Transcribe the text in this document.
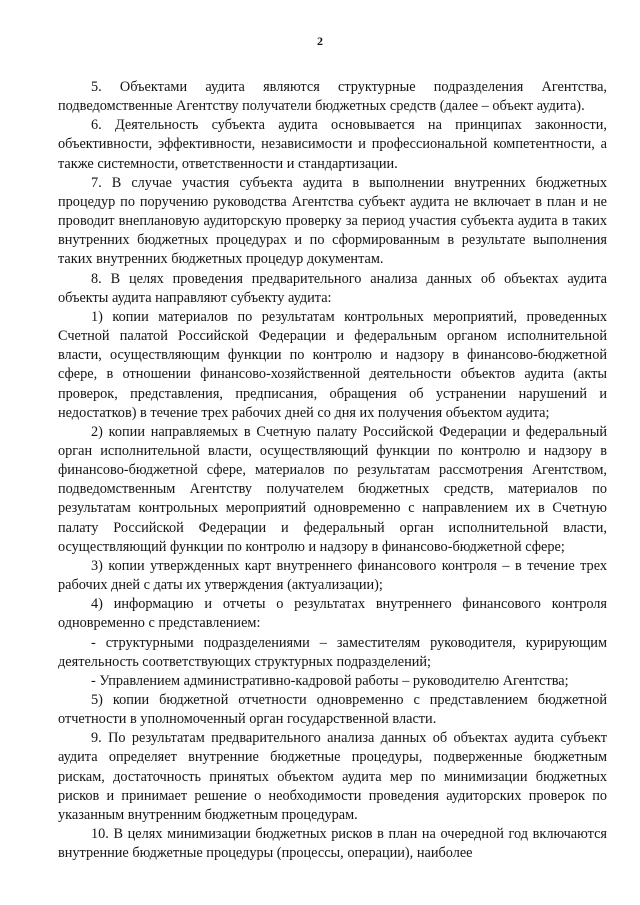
2

5. Объектами аудита являются структурные подразделения Агентства, подведомственные Агентству получатели бюджетных средств (далее – объект аудита).

6. Деятельность субъекта аудита основывается на принципах законности, объективности, эффективности, независимости и профессиональной компетентности, а также системности, ответственности и стандартизации.

7. В случае участия субъекта аудита в выполнении внутренних бюджетных процедур по поручению руководства Агентства субъект аудита не включает в план и не проводит внеплановую аудиторскую проверку за период участия субъекта аудита в таких внутренних бюджетных процедурах и по сформированным в результате выполнения таких внутренних бюджетных процедур документам.

8. В целях проведения предварительного анализа данных об объектах аудита объекты аудита направляют субъекту аудита:

1) копии материалов по результатам контрольных мероприятий, проведенных Счетной палатой Российской Федерации и федеральным органом исполнительной власти, осуществляющим функции по контролю и надзору в финансово-бюджетной сфере, в отношении финансово-хозяйственной деятельности объектов аудита (акты проверок, представления, предписания, обращения об устранении нарушений и недостатков) в течение трех рабочих дней со дня их получения объектом аудита;

2) копии направляемых в Счетную палату Российской Федерации и федеральный орган исполнительной власти, осуществляющий функции по контролю и надзору в финансово-бюджетной сфере, материалов по результатам рассмотрения Агентством, подведомственным Агентству получателем бюджетных средств, материалов по результатам контрольных мероприятий одновременно с направлением их в Счетную палату Российской Федерации и федеральный орган исполнительной власти, осуществляющий функции по контролю и надзору в финансово-бюджетной сфере;

3) копии утвержденных карт внутреннего финансового контроля – в течение трех рабочих дней с даты их утверждения (актуализации);

4) информацию и отчеты о результатах внутреннего финансового контроля одновременно с представлением:

- структурными подразделениями – заместителям руководителя, курирующим деятельность соответствующих структурных подразделений;

- Управлением административно-кадровой работы – руководителю Агентства;

5) копии бюджетной отчетности одновременно с представлением бюджетной отчетности в уполномоченный орган государственной власти.

9. По результатам предварительного анализа данных об объектах аудита субъект аудита определяет внутренние бюджетные процедуры, подверженные бюджетным рискам, достаточность принятых объектом аудита мер по минимизации бюджетных рисков и принимает решение о необходимости проведения аудиторских проверок по указанным внутренним бюджетным процедурам.

10. В целях минимизации бюджетных рисков в план на очередной год включаются внутренние бюджетные процедуры (процессы, операции), наиболее
